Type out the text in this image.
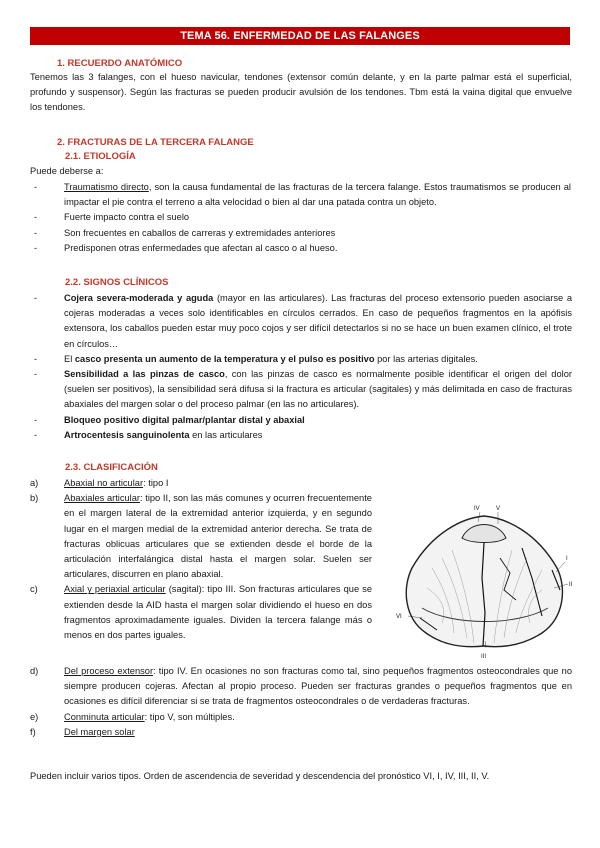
TEMA 56. ENFERMEDAD DE LAS FALANGES
1. RECUERDO ANATÓMICO
Tenemos las 3 falanges, con el hueso navicular, tendones (extensor común delante, y en la parte palmar está el superficial, profundo y suspensor). Según las fracturas se pueden producir avulsión de los tendones. Tbm está la vaina digital que envuelve los tendones.
2. FRACTURAS DE LA TERCERA FALANGE
2.1. ETIOLOGÍA
Puede deberse a:
-	Traumatismo directo, son la causa fundamental de las fracturas de la tercera falange. Estos traumatismos se producen al impactar el pie contra el terreno a alta velocidad o bien al dar una patada contra un objeto.
-	Fuerte impacto contra el suelo
-	Son frecuentes en caballos de carreras y extremidades anteriores
-	Predisponen otras enfermedades que afectan al casco o al hueso.
2.2. SIGNOS CLÍNICOS
-	Cojera severa-moderada y aguda (mayor en las articulares). Las fracturas del proceso extensorio pueden asociarse a cojeras moderadas a veces solo identificables en círculos cerrados. En caso de pequeños fragmentos en la apófisis extensora, los caballos pueden estar muy poco cojos y ser difícil detectarlos si no se hace un buen examen clínico, el trote en círculos…
-	El casco presenta un aumento de la temperatura y el pulso es positivo por las arterias digitales.
-	Sensibilidad a las pinzas de casco, con las pinzas de casco es normalmente posible identificar el origen del dolor (suelen ser positivos), la sensibilidad será difusa si la fractura es articular (sagitales) y más delimitada en caso de fracturas abaxiales del margen solar o del proceso palmar (en las no articulares).
-	Bloqueo positivo digital palmar/plantar distal y abaxial
-	Artrocentesis sanguinolenta en las articulares
2.3. CLASIFICACIÓN
a)	Abaxial no articular: tipo I
b)	Abaxiales articular: tipo II, son las más comunes y ocurren frecuentemente en el margen lateral de la extremidad anterior izquierda, y en segundo lugar en el margen medial de la extremidad anterior derecha. Se trata de fracturas oblicuas articulares que se extienden desde el borde de la articulación interfalángica distal hasta el margen solar. Suelen ser articulares, discurren en plano abaxial.
c)	Axial y periaxial articular (sagital): tipo III. Son fracturas articulares que se extienden desde la AID hasta el margen solar dividiendo el hueso en dos fragmentos aproximadamente iguales. Dividen la tercera falange más o menos en dos partes iguales.
d)	Del proceso extensor: tipo IV. En ocasiones no son fracturas como tal, sino pequeños fragmentos osteocondrales que no siempre producen cojeras. Afectan al propio proceso. Pueden ser fracturas grandes o pequeños fragmentos que en ocasiones es difícil diferenciar si se trata de fragmentos osteocondrales o de verdaderas fracturas.
e)	Conminuta articular: tipo V, son múltiples.
f)	Del margen solar
IV	V
I
II
III
VI
Pueden incluir varios tipos. Orden de ascendencia de severidad y descendencia del pronóstico VI, I, IV, III, II, V.
